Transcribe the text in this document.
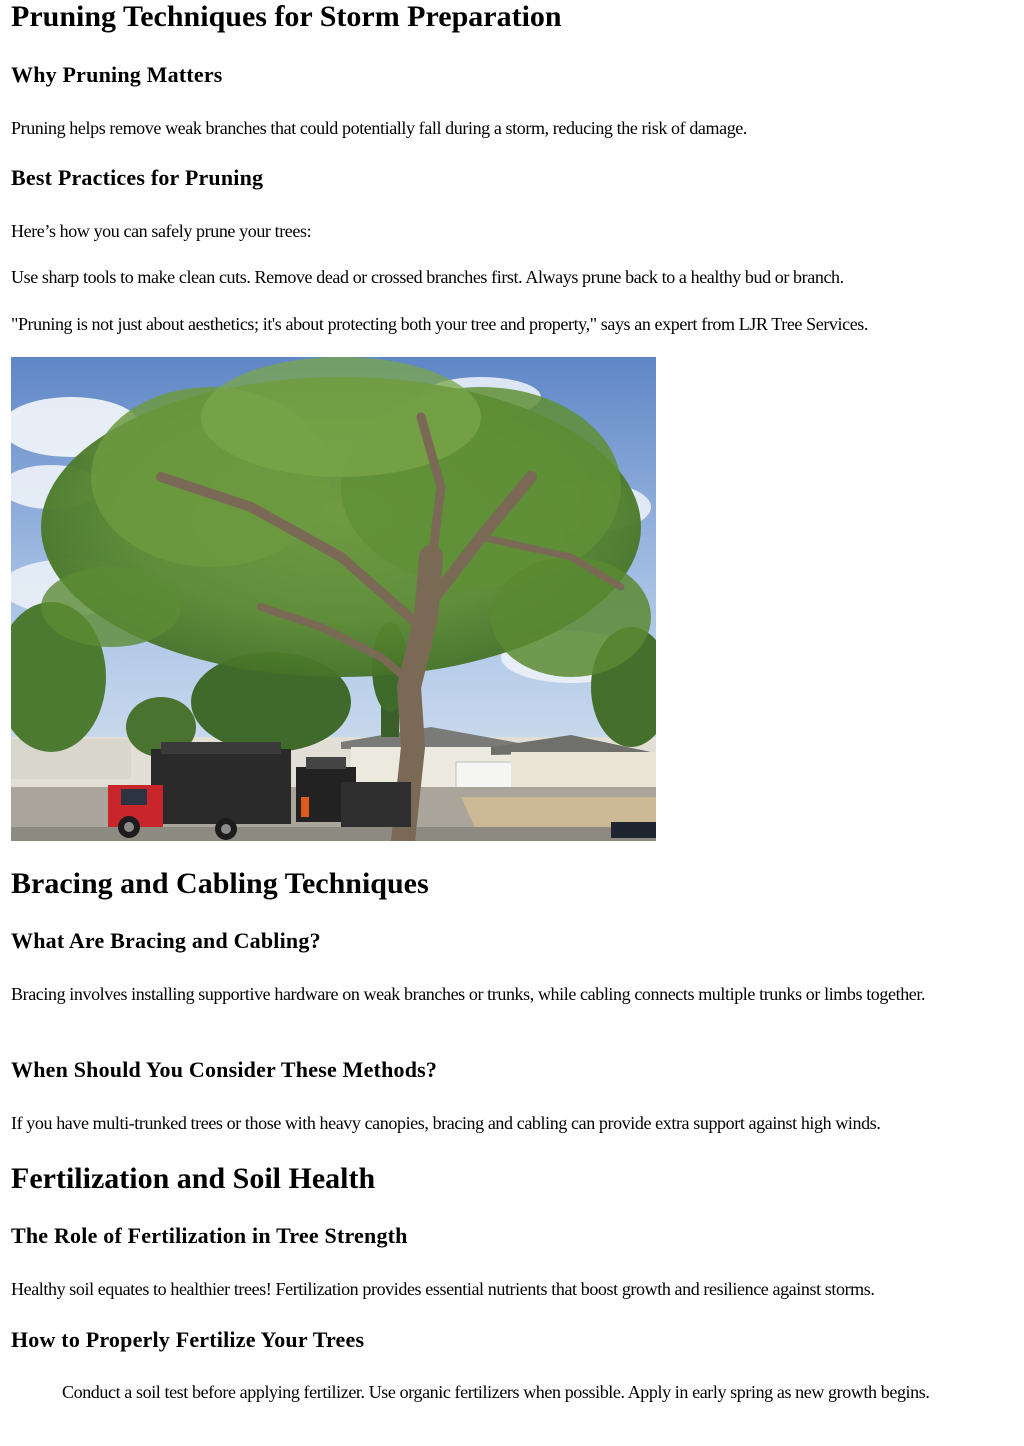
Pruning Techniques for Storm Preparation
Why Pruning Matters

Pruning helps remove weak branches that could potentially fall during a storm, reducing the risk of damage.

Best Practices for Pruning

Here’s how you can safely prune your trees:

Use sharp tools to make clean cuts. Remove dead or crossed branches first. Always prune back to a healthy bud or branch.

"Pruning is not just about aesthetics; it's about protecting both your tree and property," says an expert from LJR Tree Services.

Bracing and Cabling Techniques
What Are Bracing and Cabling?

Bracing involves installing supportive hardware on weak branches or trunks, while cabling connects multiple trunks or limbs together.

When Should You Consider These Methods?

If you have multi-trunked trees or those with heavy canopies, bracing and cabling can provide extra support against high winds.

Fertilization and Soil Health
The Role of Fertilization in Tree Strength

Healthy soil equates to healthier trees! Fertilization provides essential nutrients that boost growth and resilience against storms.

How to Properly Fertilize Your Trees

Conduct a soil test before applying fertilizer. Use organic fertilizers when possible. Apply in early spring as new growth begins.
